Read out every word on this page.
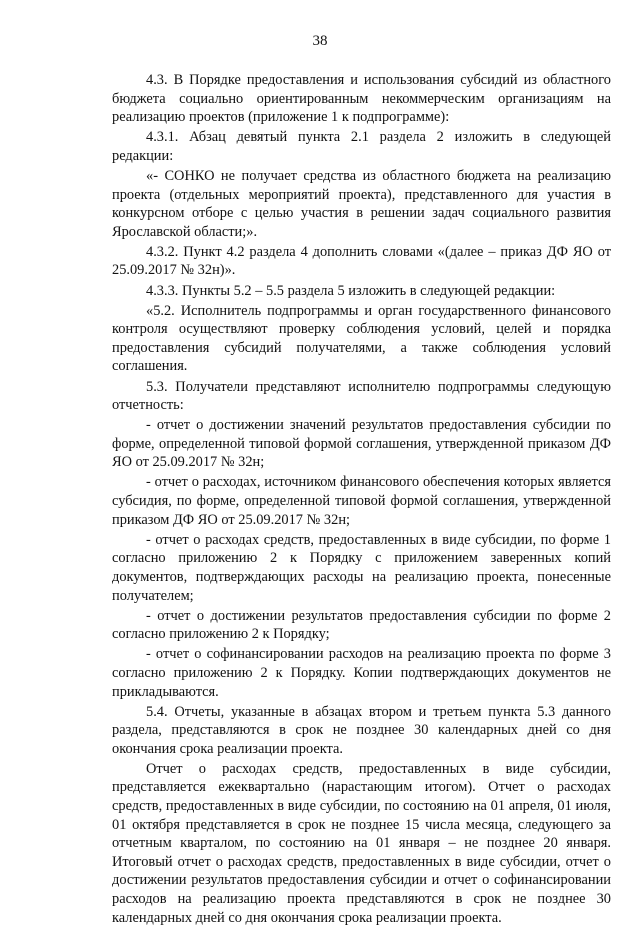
38

4.3. В Порядке предоставления и использования субсидий из областного бюджета социально ориентированным некоммерческим организациям на реализацию проектов (приложение 1 к подпрограмме):

4.3.1. Абзац девятый пункта 2.1 раздела 2 изложить в следующей редакции:

«- СОНКО не получает средства из областного бюджета на реализацию проекта (отдельных мероприятий проекта), представленного для участия в конкурсном отборе с целью участия в решении задач социального развития Ярославской области;».

4.3.2. Пункт 4.2 раздела 4 дополнить словами «(далее – приказ ДФ ЯО от 25.09.2017 № 32н)».

4.3.3. Пункты 5.2 – 5.5 раздела 5 изложить в следующей редакции:

«5.2. Исполнитель подпрограммы и орган государственного финансового контроля осуществляют проверку соблюдения условий, целей и порядка предоставления субсидий получателями, а также соблюдения условий соглашения.

5.3. Получатели представляют исполнителю подпрограммы следующую отчетность:

- отчет о достижении значений результатов предоставления субсидии по форме, определенной типовой формой соглашения, утвержденной приказом ДФ ЯО от 25.09.2017 № 32н;

- отчет о расходах, источником финансового обеспечения которых является субсидия, по форме, определенной типовой формой соглашения, утвержденной приказом ДФ ЯО от 25.09.2017 № 32н;

- отчет о расходах средств, предоставленных в виде субсидии, по форме 1 согласно приложению 2 к Порядку с приложением заверенных копий документов, подтверждающих расходы на реализацию проекта, понесенные получателем;

- отчет о достижении результатов предоставления субсидии по форме 2 согласно приложению 2 к Порядку;

- отчет о софинансировании расходов на реализацию проекта по форме 3 согласно приложению 2 к Порядку. Копии подтверждающих документов не прикладываются.

5.4. Отчеты, указанные в абзацах втором и третьем пункта 5.3 данного раздела, представляются в срок не позднее 30 календарных дней со дня окончания срока реализации проекта.

Отчет о расходах средств, предоставленных в виде субсидии, представляется ежеквартально (нарастающим итогом). Отчет о расходах средств, предоставленных в виде субсидии, по состоянию на 01 апреля, 01 июля, 01 октября представляется в срок не позднее 15 числа месяца, следующего за отчетным кварталом, по состоянию на 01 января – не позднее 20 января. Итоговый отчет о расходах средств, предоставленных в виде субсидии, отчет о достижении результатов предоставления субсидии и отчет о софинансировании расходов на реализацию проекта представляются в срок не позднее 30 календарных дней со дня окончания срока реализации проекта.
